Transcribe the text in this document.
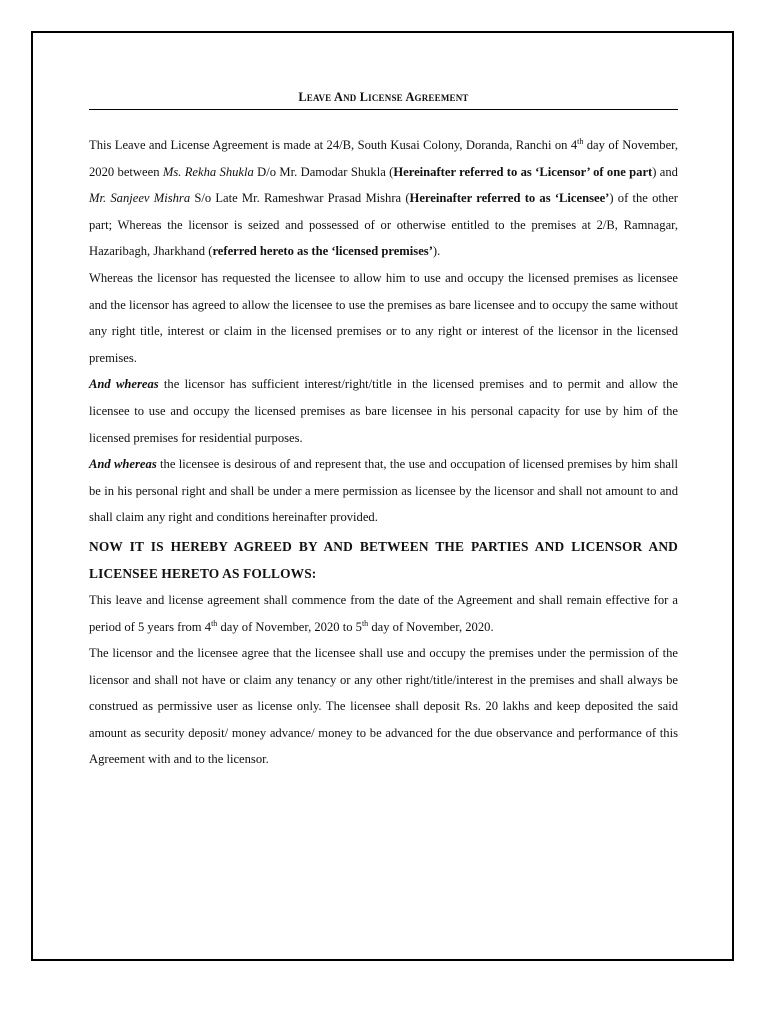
Leave And License Agreement

This Leave and License Agreement is made at 24/B, South Kusai Colony, Doranda, Ranchi on 4th day of November, 2020 between Ms. Rekha Shukla D/o Mr. Damodar Shukla (Hereinafter referred to as ‘Licensor’ of one part) and Mr. Sanjeev Mishra S/o Late Mr. Rameshwar Prasad Mishra (Hereinafter referred to as ‘Licensee’) of the other part; Whereas the licensor is seized and possessed of or otherwise entitled to the premises at 2/B, Ramnagar, Hazaribagh, Jharkhand (referred hereto as the ‘licensed premises’).

Whereas the licensor has requested the licensee to allow him to use and occupy the licensed premises as licensee and the licensor has agreed to allow the licensee to use the premises as bare licensee and to occupy the same without any right title, interest or claim in the licensed premises or to any right or interest of the licensor in the licensed premises.

And whereas the licensor has sufficient interest/right/title in the licensed premises and to permit and allow the licensee to use and occupy the licensed premises as bare licensee in his personal capacity for use by him of the licensed premises for residential purposes.

And whereas the licensee is desirous of and represent that, the use and occupation of licensed premises by him shall be in his personal right and shall be under a mere permission as licensee by the licensor and shall not amount to and shall claim any right and conditions hereinafter provided.

NOW IT IS HEREBY AGREED BY AND BETWEEN THE PARTIES AND LICENSOR AND LICENSEE HERETO AS FOLLOWS:

This leave and license agreement shall commence from the date of the Agreement and shall remain effective for a period of 5 years from 4th day of November, 2020 to 5th day of November, 2020.

The licensor and the licensee agree that the licensee shall use and occupy the premises under the permission of the licensor and shall not have or claim any tenancy or any other right/title/interest in the premises and shall always be construed as permissive user as license only. The licensee shall deposit Rs. 20 lakhs and keep deposited the said amount as security deposit/ money advance/ money to be advanced for the due observance and performance of this Agreement with and to the licensor.
